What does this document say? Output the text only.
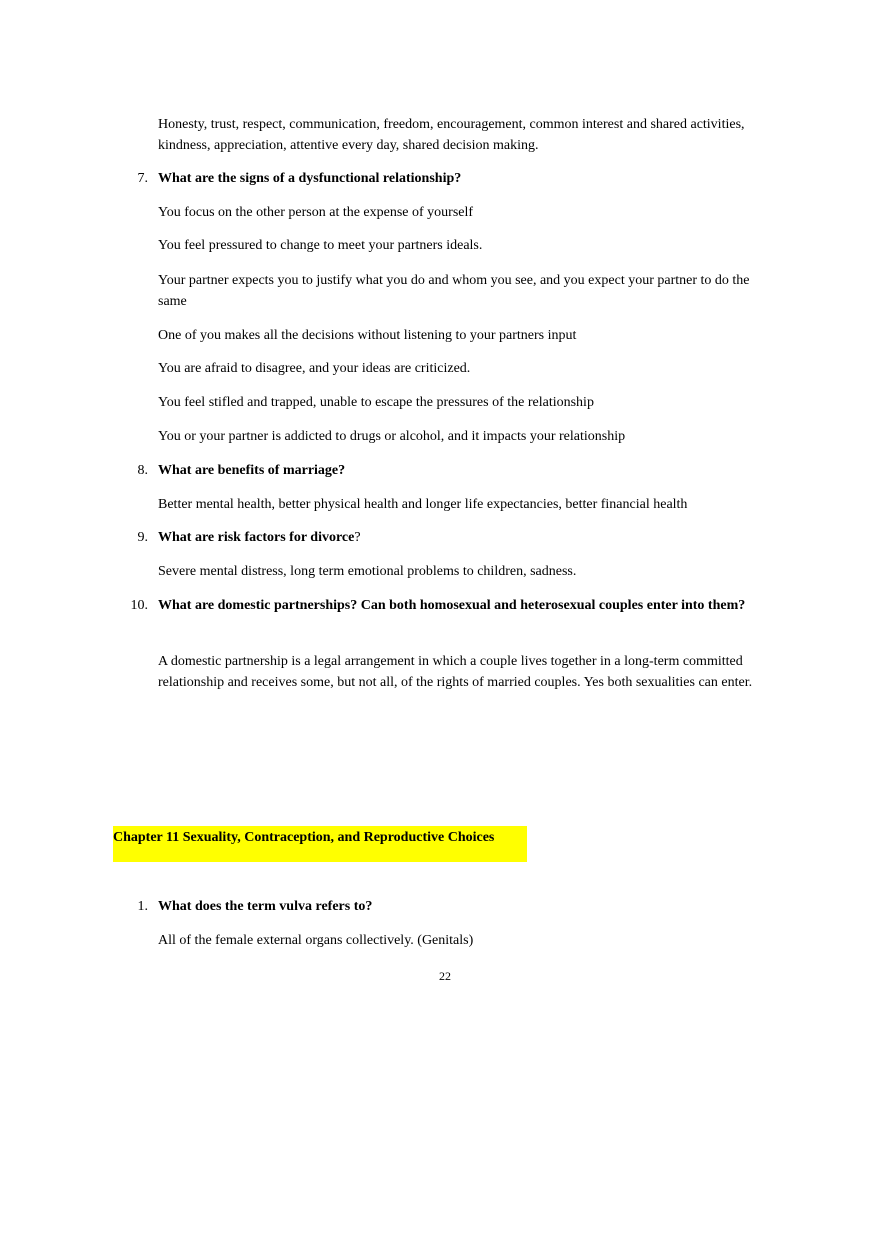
Honesty, trust, respect, communication, freedom, encouragement, common interest and shared activities, kindness, appreciation, attentive every day, shared decision making.

7. What are the signs of a dysfunctional relationship?

You focus on the other person at the expense of yourself

You feel pressured to change to meet your partners ideals.

Your partner expects you to justify what you do and whom you see, and you expect your partner to do the same

One of you makes all the decisions without listening to your partners input

You are afraid to disagree, and your ideas are criticized.

You feel stifled and trapped, unable to escape the pressures of the relationship

You or your partner is addicted to drugs or alcohol, and it impacts your relationship

8. What are benefits of marriage?

Better mental health, better physical health and longer life expectancies, better financial health

9. What are risk factors for divorce?

Severe mental distress, long term emotional problems to children, sadness.

10. What are domestic partnerships? Can both homosexual and heterosexual couples enter into them?

A domestic partnership is a legal arrangement in which a couple lives together in a long-term committed relationship and receives some, but not all, of the rights of married couples. Yes both sexualities can enter.

Chapter 11 Sexuality, Contraception, and Reproductive Choices
1. What does the term vulva refers to?

All of the female external organs collectively. (Genitals)

22
